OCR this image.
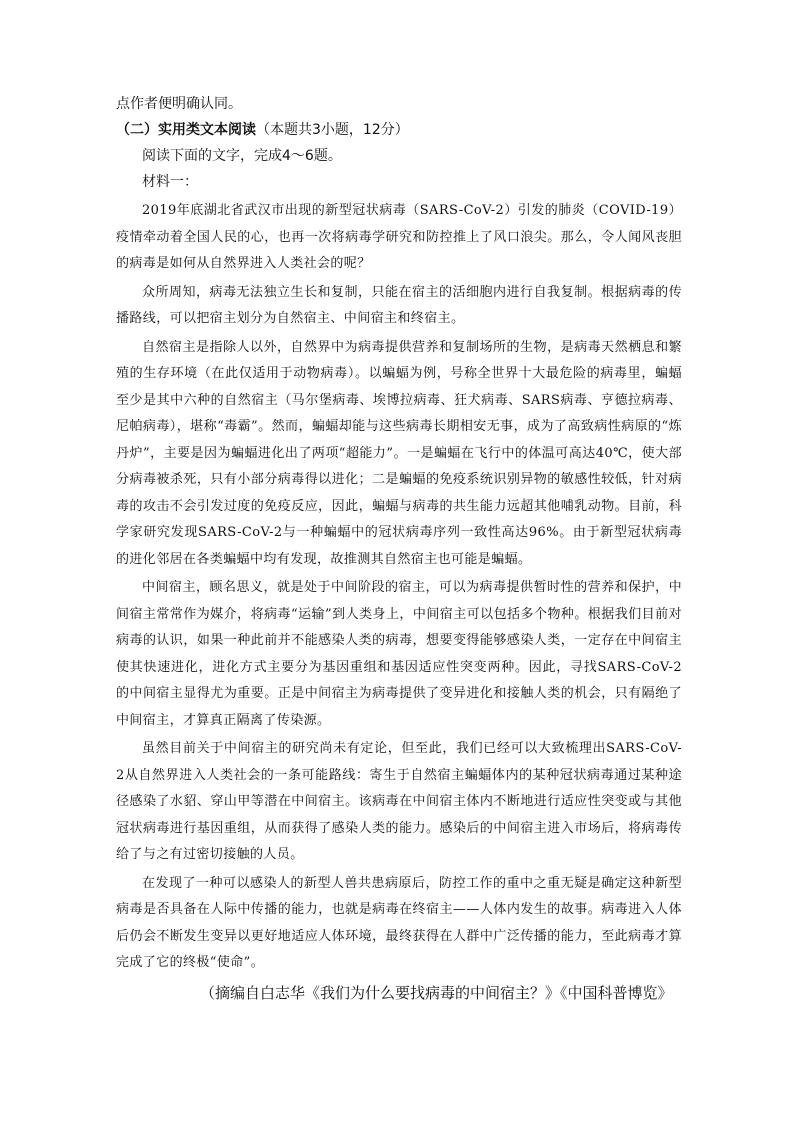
点作者便明确认同。
（二）实用类文本阅读（本题共3小题，12分）
阅读下面的文字，完成4～6题。
材料一：

2019年底湖北省武汉市出现的新型冠状病毒（SARS-CoV-2）引发的肺炎（COVID-19）疫情牵动着全国人民的心，也再一次将病毒学研究和防控推上了风口浪尖。那么，令人闻风丧胆的病毒是如何从自然界进入人类社会的呢？

众所周知，病毒无法独立生长和复制，只能在宿主的活细胞内进行自我复制。根据病毒的传播路线，可以把宿主划分为自然宿主、中间宿主和终宿主。

自然宿主是指除人以外，自然界中为病毒提供营养和复制场所的生物，是病毒天然栖息和繁殖的生存环境（在此仅适用于动物病毒）。以蝙蝠为例，号称全世界十大最危险的病毒里，蝙蝠至少是其中六种的自然宿主（马尔堡病毒、埃博拉病毒、狂犬病毒、SARS病毒、亨德拉病毒、尼帕病毒），堪称“毒霸”。然而，蝙蝠却能与这些病毒长期相安无事，成为了高致病性病原的“炼丹炉”，主要是因为蝙蝠进化出了两项“超能力”。一是蝙蝠在飞行中的体温可高达40℃，使大部分病毒被杀死，只有小部分病毒得以进化；二是蝙蝠的免疫系统识别异物的敏感性较低，针对病毒的攻击不会引发过度的免疫反应，因此，蝙蝠与病毒的共生能力远超其他哺乳动物。目前，科学家研究发现SARS-CoV-2与一种蝙蝠中的冠状病毒序列一致性高达96%。由于新型冠状病毒的进化邻居在各类蝙蝠中均有发现，故推测其自然宿主也可能是蝙蝠。

中间宿主，顾名思义，就是处于中间阶段的宿主，可以为病毒提供暂时性的营养和保护，中间宿主常常作为媒介，将病毒“运输”到人类身上，中间宿主可以包括多个物种。根据我们目前对病毒的认识，如果一种此前并不能感染人类的病毒，想要变得能够感染人类，一定存在中间宿主使其快速进化，进化方式主要分为基因重组和基因适应性突变两种。因此，寻找SARS-CoV-2的中间宿主显得尤为重要。正是中间宿主为病毒提供了变异进化和接触人类的机会，只有隔绝了中间宿主，才算真正隔离了传染源。

虽然目前关于中间宿主的研究尚未有定论，但至此，我们已经可以大致梳理出SARS-CoV-2从自然界进入人类社会的一条可能路线：寄生于自然宿主蝙蝠体内的某种冠状病毒通过某种途径感染了水貂、穿山甲等潜在中间宿主。该病毒在中间宿主体内不断地进行适应性突变或与其他冠状病毒进行基因重组，从而获得了感染人类的能力。感染后的中间宿主进入市场后，将病毒传给了与之有过密切接触的人员。

在发现了一种可以感染人的新型人兽共患病原后，防控工作的重中之重无疑是确定这种新型病毒是否具备在人际中传播的能力，也就是病毒在终宿主——人体内发生的故事。病毒进入人体后仍会不断发生变异以更好地适应人体环境，最终获得在人群中广泛传播的能力，至此病毒才算完成了它的终极“使命”。

（摘编自白志华《我们为什么要找病毒的中间宿主？》《中国科普博览》
